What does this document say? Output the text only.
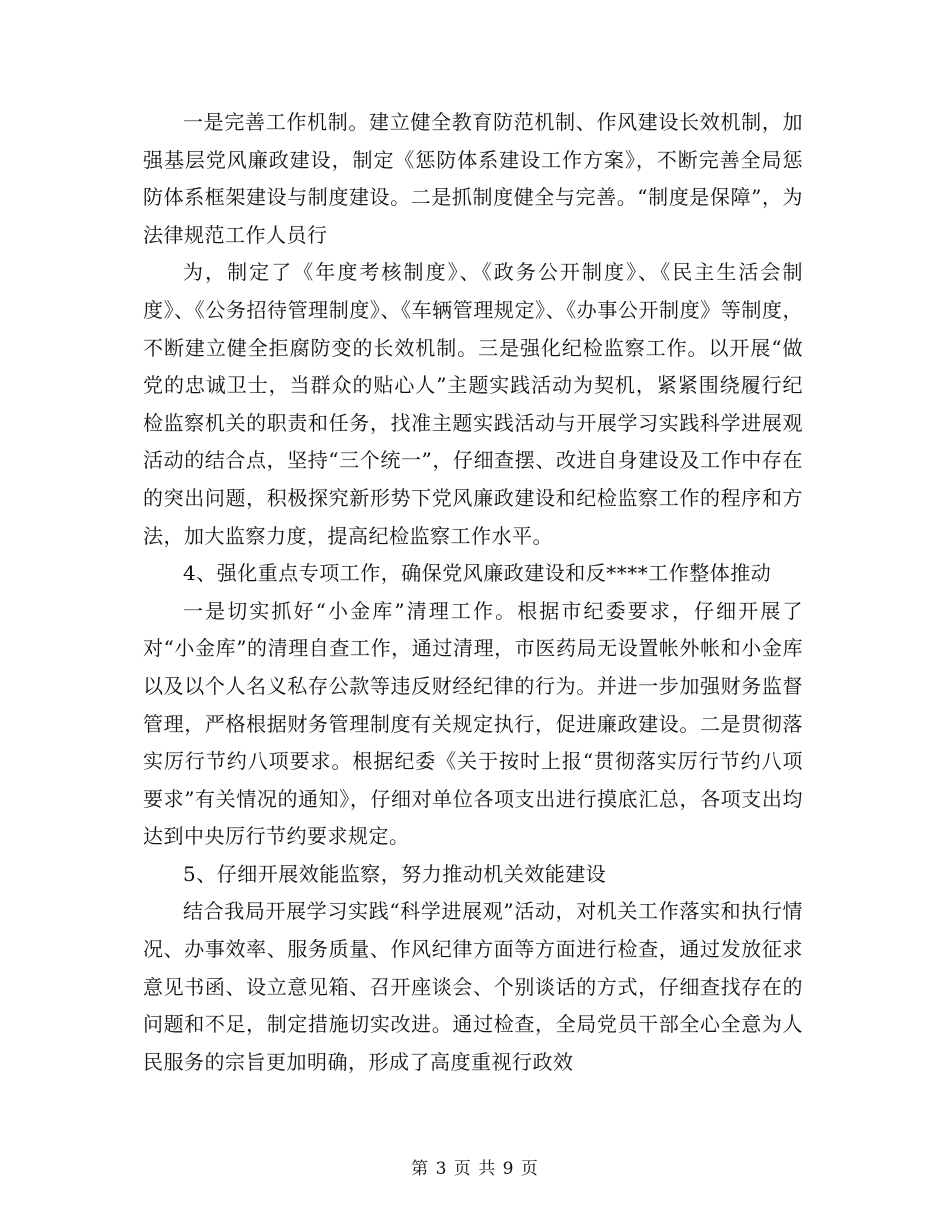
一是完善工作机制。建立健全教育防范机制、作风建设长效机制，加强基层党风廉政建设，制定《惩防体系建设工作方案》，不断完善全局惩防体系框架建设与制度建设。二是抓制度健全与完善。“制度是保障”，为法律规范工作人员行

为，制定了《年度考核制度》、《政务公开制度》、《民主生活会制度》、《公务招待管理制度》、《车辆管理规定》、《办事公开制度》等制度，不断建立健全拒腐防变的长效机制。三是强化纪检监察工作。以开展“做党的忠诚卫士，当群众的贴心人”主题实践活动为契机，紧紧围绕履行纪检监察机关的职责和任务，找准主题实践活动与开展学习实践科学进展观活动的结合点，坚持“三个统一”，仔细查摆、改进自身建设及工作中存在的突出问题，积极探究新形势下党风廉政建设和纪检监察工作的程序和方法，加大监察力度，提高纪检监察工作水平。

4、强化重点专项工作，确保党风廉政建设和反****工作整体推动

一是切实抓好“小金库”清理工作。根据市纪委要求，仔细开展了对“小金库”的清理自查工作，通过清理，市医药局无设置帐外帐和小金库以及以个人名义私存公款等违反财经纪律的行为。并进一步加强财务监督管理，严格根据财务管理制度有关规定执行，促进廉政建设。二是贯彻落实厉行节约八项要求。根据纪委《关于按时上报“贯彻落实厉行节约八项要求”有关情况的通知》，仔细对单位各项支出进行摸底汇总，各项支出均达到中央厉行节约要求规定。

5、仔细开展效能监察，努力推动机关效能建设

结合我局开展学习实践“科学进展观”活动，对机关工作落实和执行情况、办事效率、服务质量、作风纪律方面等方面进行检查，通过发放征求意见书函、设立意见箱、召开座谈会、个别谈话的方式，仔细查找存在的问题和不足，制定措施切实改进。通过检查，全局党员干部全心全意为人民服务的宗旨更加明确，形成了高度重视行政效

第 3 页 共 9 页
